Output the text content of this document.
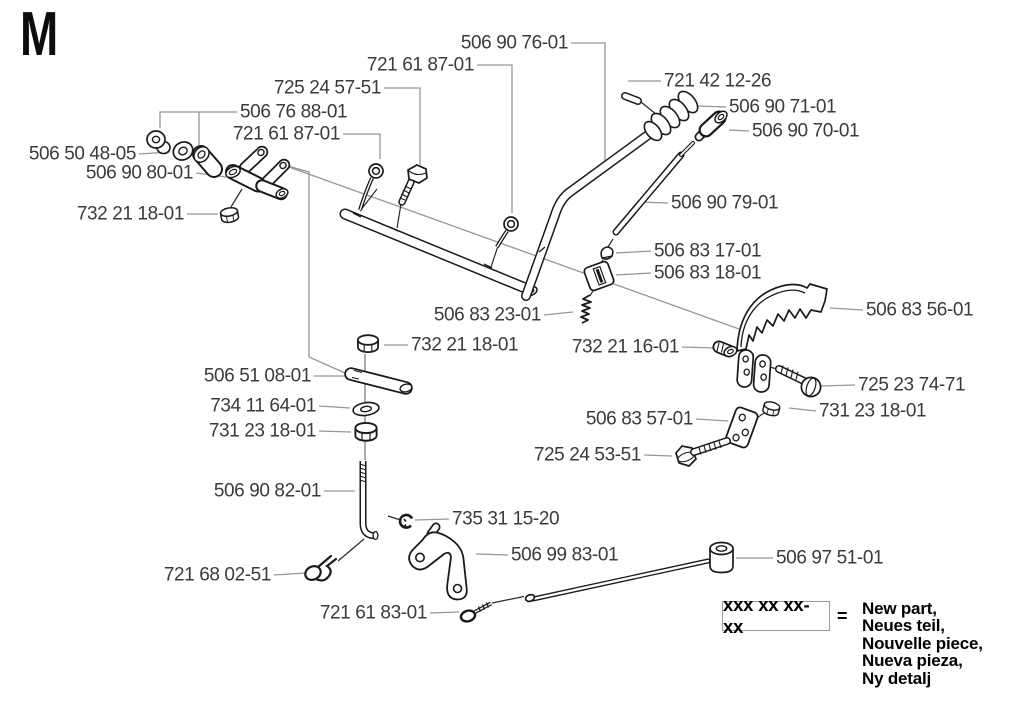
M	506 90 76-01
721 61 87-01
725 24 57-51
506 76 88-01
721 61 87-01
506 50 48-05
506 90 80-01
732 21 18-01
721 42 12-26
506 90 71-01
506 90 70-01
506 90 79-01
506 83 17-01
506 83 18-01
506 83 23-01
732 21 18-01
506 51 08-01
734 11 64-01
731 23 18-01
506 90 82-01
732 21 16-01
506 83 56-01
725 23 74-71
731 23 18-01
506 83 57-01
725 24 53-51
735 31 15-20
721 68 02-51
506 99 83-01	506 97 51-01
721 61 83-01	xxx xx xx-xx	= New part,
Neues teil,
Nouvelle piece,
Nueva pieza,
Ny detalj
